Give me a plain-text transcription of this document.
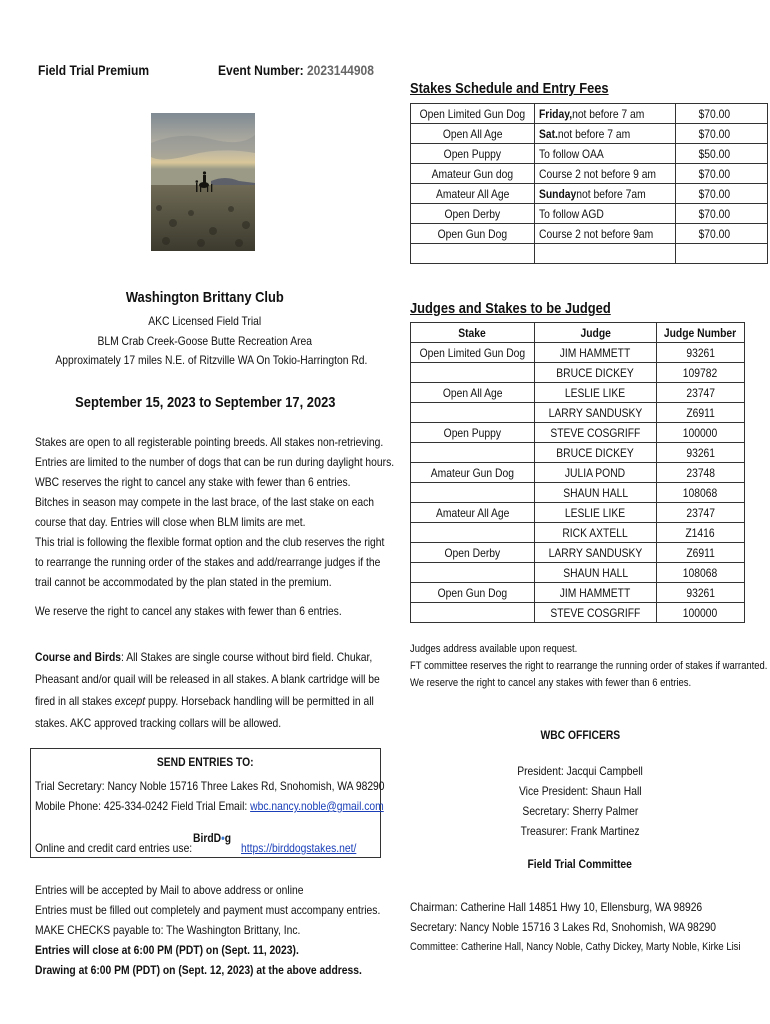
Field Trial Premium	Event Number: 2023144908
Washington Brittany Club
AKC Licensed Field Trial
BLM Crab Creek-Goose Butte Recreation Area
Approximately 17 miles N.E. of Ritzville WA On Tokio-Harrington Rd.
September 15, 2023 to September 17, 2023
Stakes are open to all registerable pointing breeds. All stakes non-retrieving.
Entries are limited to the number of dogs that can be run during daylight hours.
WBC reserves the right to cancel any stake with fewer than 6 entries.
Bitches in season may compete in the last brace, of the last stake on each
course that day. Entries will close when BLM limits are met.
This trial is following the flexible format option and the club reserves the right
to rearrange the running order of the stakes and add/rearrange judges if the
trail cannot be accommodated by the plan stated in the premium.
We reserve the right to cancel any stakes with fewer than 6 entries.
Course and Birds: All Stakes are single course without bird field. Chukar,
Pheasant and/or quail will be released in all stakes. A blank cartridge will be
fired in all stakes except puppy. Horseback handling will be permitted in all
stakes. AKC approved tracking collars will be allowed.
SEND ENTRIES TO:
Trial Secretary: Nancy Noble 15716 Three Lakes Rd, Snohomish, WA 98290
Mobile Phone: 425-334-0242 Field Trial Email: wbc.nancy.noble@gmail.com
Online and credit card entries use:
BirdD•g
https://birddogstakes.net/
Entries will be accepted by Mail to above address or online
Entries must be filled out completely and payment must accompany entries.
MAKE CHECKS payable to: The Washington Brittany, Inc.
Entries will close at 6:00 PM (PDT) on (Sept. 11, 2023).
Drawing at 6:00 PM (PDT) on (Sept. 12, 2023) at the above address.
Stakes Schedule and Entry Fees
Open Limited Gun Dog	Friday,not before 7 am	$70.00
Open All Age	Sat.not before 7 am	$70.00
Open Puppy	To follow OAA	$50.00
Amateur Gun dog	Course 2 not before 9 am	$70.00
Amateur All Age	Sundaynot before 7am	$70.00
Open Derby	To follow AGD	$70.00
Open Gun Dog	Course 2 not before 9am	$70.00

Judges and Stakes to be Judged
Stake	Judge	Judge Number
Open Limited Gun Dog	JIM HAMMETT	93261
	BRUCE DICKEY	109782
Open All Age	LESLIE LIKE	23747
	LARRY SANDUSKY	Z6911
Open Puppy	STEVE COSGRIFF	100000
	BRUCE DICKEY	93261
Amateur Gun Dog	JULIA POND	23748
	SHAUN HALL	108068
Amateur All Age	LESLIE LIKE	23747
	RICK AXTELL	Z1416
Open Derby	LARRY SANDUSKY	Z6911
	SHAUN HALL	108068
Open Gun Dog	JIM HAMMETT	93261
	STEVE COSGRIFF	100000
Judges address available upon request.
FT committee reserves the right to rearrange the running order of stakes if warranted.
We reserve the right to cancel any stakes with fewer than 6 entries.
WBC OFFICERS
President: Jacqui Campbell
Vice President: Shaun Hall
Secretary: Sherry Palmer
Treasurer: Frank Martinez
Field Trial Committee
Chairman: Catherine Hall 14851 Hwy 10, Ellensburg, WA 98926
Secretary: Nancy Noble 15716 3 Lakes Rd, Snohomish, WA 98290
Committee: Catherine Hall, Nancy Noble, Cathy Dickey, Marty Noble, Kirke Lisi
